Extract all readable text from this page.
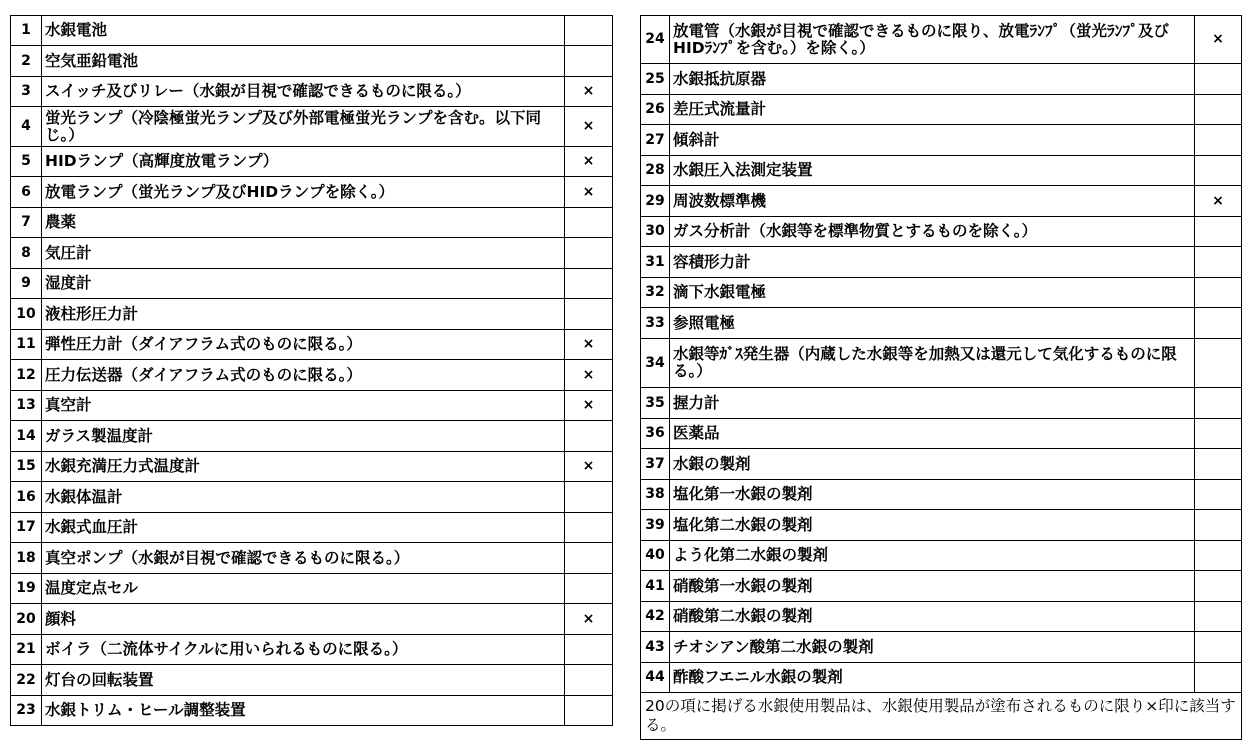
1	水銀電池	
2	空気亜鉛電池	
3	スイッチ及びリレー（水銀が目視で確認できるものに限る。）	×
4	蛍光ランプ（冷陰極蛍光ランプ及び外部電極蛍光ランプを含む。以下同じ。）	×
5	HIDランプ（高輝度放電ランプ）	×
6	放電ランプ（蛍光ランプ及びHIDランプを除く。）	×
7	農薬	
8	気圧計	
9	湿度計	
10	液柱形圧力計	
11	弾性圧力計（ダイアフラム式のものに限る。）	×
12	圧力伝送器（ダイアフラム式のものに限る。）	×
13	真空計	×
14	ガラス製温度計	
15	水銀充満圧力式温度計	×
16	水銀体温計	
17	水銀式血圧計	
18	真空ポンプ（水銀が目視で確認できるものに限る。）	
19	温度定点セル	
20	顔料	×
21	ボイラ（二流体サイクルに用いられるものに限る。）	
22	灯台の回転装置	
23	水銀トリム・ヒール調整装置	
24	放電管（水銀が目視で確認できるものに限り、放電ﾗﾝﾌﾟ（蛍光ﾗﾝﾌﾟ及びHIDﾗﾝﾌﾟを含む。）を除く。）	×
25	水銀抵抗原器	
26	差圧式流量計	
27	傾斜計	
28	水銀圧入法測定装置	
29	周波数標準機	×
30	ガス分析計（水銀等を標準物質とするものを除く。）	
31	容積形力計	
32	滴下水銀電極	
33	参照電極	
34	水銀等ｶﾞｽ発生器（内蔵した水銀等を加熱又は還元して気化するものに限る。）	
35	握力計	
36	医薬品	
37	水銀の製剤	
38	塩化第一水銀の製剤	
39	塩化第二水銀の製剤	
40	よう化第二水銀の製剤	
41	硝酸第一水銀の製剤	
42	硝酸第二水銀の製剤	
43	チオシアン酸第二水銀の製剤	
44	酢酸フエニル水銀の製剤	
20の項に掲げる水銀使用製品は、水銀使用製品が塗布されるものに限り×印に該当する。		
